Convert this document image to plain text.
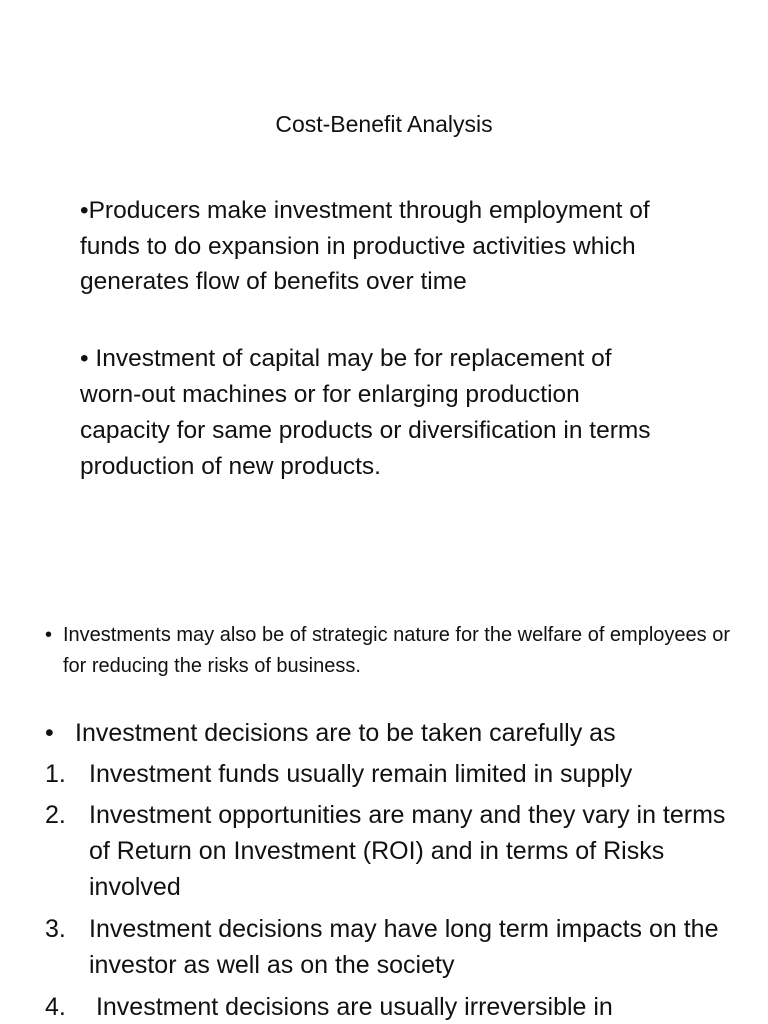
Cost-Benefit Analysis

•Producers make investment through employment of funds to do expansion in productive activities which generates flow of benefits over time

• Investment of capital may be for replacement of worn-out machines or for enlarging production capacity for same products or diversification in terms production of new products.

• Investments may also be of strategic nature for the welfare of employees or for reducing the risks of business.

• Investment decisions are to be taken carefully as
1. Investment funds usually remain limited in supply
2. Investment opportunities are many and they vary in terms of Return on Investment (ROI) and in terms of Risks involved
3. Investment decisions may have long term impacts on the investor as well as on the society
4. Investment decisions are usually irreversible in
